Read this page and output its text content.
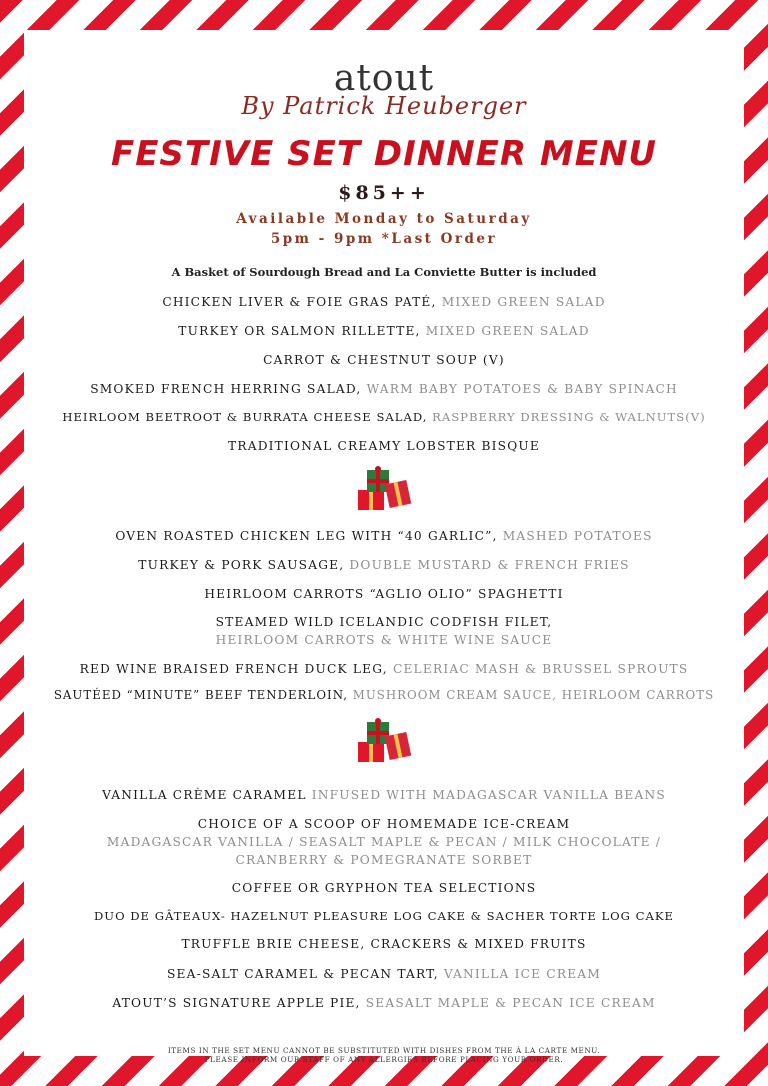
atout
By Patrick Heuberger
FESTIVE SET DINNER MENU
$85++
Available Monday to Saturday
5pm - 9pm *Last Order
A Basket of Sourdough Bread and La Conviette Butter is included
CHICKEN LIVER & FOIE GRAS PATÉ, MIXED GREEN SALAD
TURKEY OR SALMON RILLETTE, MIXED GREEN SALAD
CARROT & CHESTNUT SOUP (V)
SMOKED FRENCH HERRING SALAD, WARM BABY POTATOES & BABY SPINACH
HEIRLOOM BEETROOT & BURRATA CHEESE SALAD, RASPBERRY DRESSING & WALNUTS(V)
TRADITIONAL CREAMY LOBSTER BISQUE
OVEN ROASTED CHICKEN LEG WITH “40 GARLIC”, MASHED POTATOES
TURKEY & PORK SAUSAGE, DOUBLE MUSTARD & FRENCH FRIES
HEIRLOOM CARROTS “AGLIO OLIO” SPAGHETTI
STEAMED WILD ICELANDIC CODFISH FILET,
HEIRLOOM CARROTS & WHITE WINE SAUCE
RED WINE BRAISED FRENCH DUCK LEG, CELERIAC MASH & BRUSSEL SPROUTS
SAUTÉED “MINUTE” BEEF TENDERLOIN, MUSHROOM CREAM SAUCE, HEIRLOOM CARROTS
VANILLA CRÈME CARAMEL INFUSED WITH MADAGASCAR VANILLA BEANS
CHOICE OF A SCOOP OF HOMEMADE ICE-CREAM
MADAGASCAR VANILLA / SEASALT MAPLE & PECAN / MILK CHOCOLATE /
CRANBERRY & POMEGRANATE SORBET
COFFEE OR GRYPHON TEA SELECTIONS
DUO DE GÂTEAUX- HAZELNUT PLEASURE LOG CAKE & SACHER TORTE LOG CAKE
TRUFFLE BRIE CHEESE, CRACKERS & MIXED FRUITS
SEA-SALT CARAMEL & PECAN TART, VANILLA ICE CREAM
ATOUT’S SIGNATURE APPLE PIE, SEASALT MAPLE & PECAN ICE CREAM
ITEMS IN THE SET MENU CANNOT BE SUBSTITUTED WITH DISHES FROM THE À LA CARTE MENU.
PLEASE INFORM OUR STAFF OF ANY ALLERGIES BEFORE PLACING YOUR ORDER.
